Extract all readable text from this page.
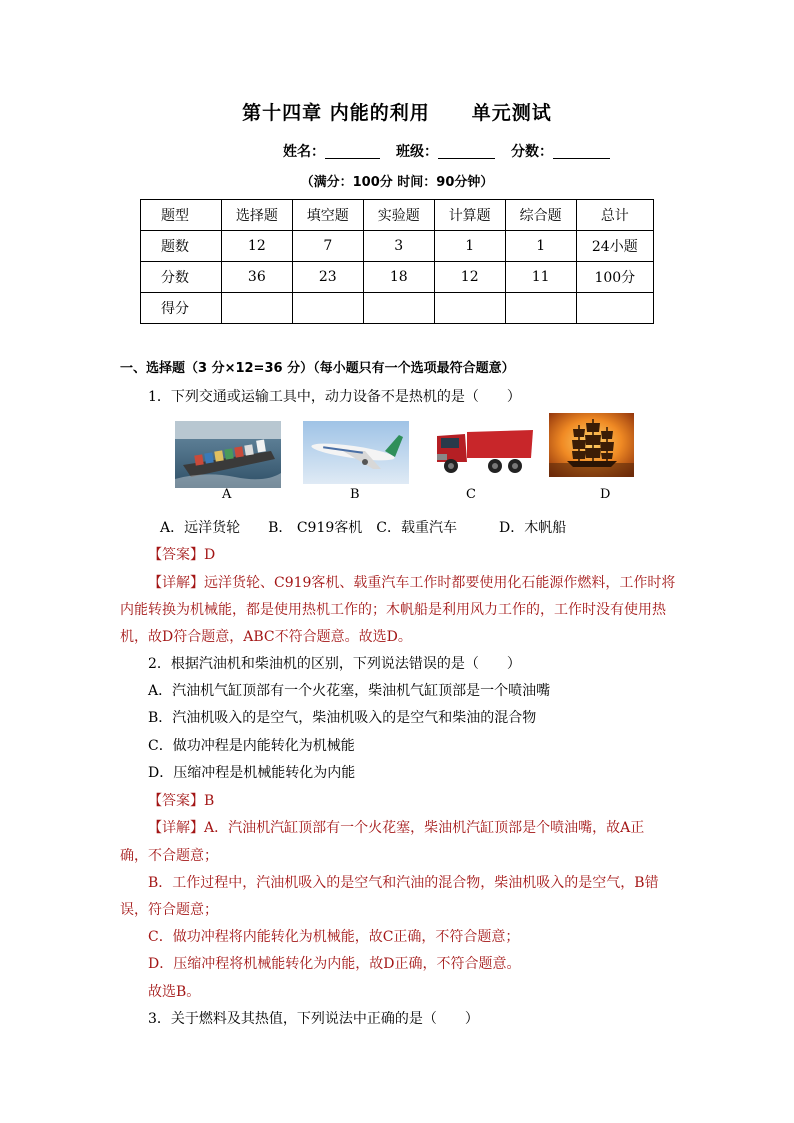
第十四章 内能的利用 单元测试
姓名：	班级：	分数：
（满分：100分 时间：90分钟）
题型	选择题	填空题	实验题	计算题	综合题	总计
题数	12	7	3	1	1	24小题
分数	36	23	18	12	11	100分
得分						
一、选择题（3 分×12=36 分）（每小题只有一个选项最符合题意）
1．下列交通或运输工具中，动力设备不是热机的是（　　）
A	B	C	D
A．远洋货轮　　B． C919客机　C．载重汽车　　　D．木帆船
【答案】D
【详解】远洋货轮、C919客机、载重汽车工作时都要使用化石能源作燃料，工作时将
内能转换为机械能，都是使用热机工作的；木帆船是利用风力工作的，工作时没有使用热
机，故D符合题意，ABC不符合题意。故选D。
2．根据汽油机和柴油机的区别，下列说法错误的是（　　）
A．汽油机气缸顶部有一个火花塞，柴油机气缸顶部是一个喷油嘴
B．汽油机吸入的是空气，柴油机吸入的是空气和柴油的混合物
C．做功冲程是内能转化为机械能
D．压缩冲程是机械能转化为内能
【答案】B
【详解】A．汽油机汽缸顶部有一个火花塞，柴油机汽缸顶部是个喷油嘴，故A正
确，不合题意；
B．工作过程中，汽油机吸入的是空气和汽油的混合物，柴油机吸入的是空气，B错
误，符合题意；
C．做功冲程将内能转化为机械能，故C正确，不符合题意；
D．压缩冲程将机械能转化为内能，故D正确，不符合题意。
故选B。
3．关于燃料及其热值，下列说法中正确的是（　　）
